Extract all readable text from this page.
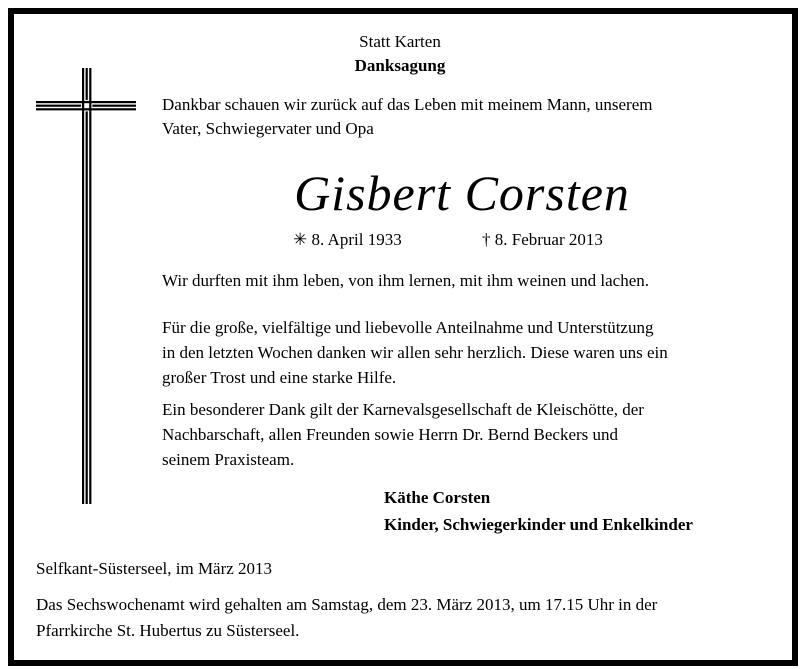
Statt Karten
Danksagung
Dankbar schauen wir zurück auf das Leben mit meinem Mann, unserem
Vater, Schwiegervater und Opa
Gisbert Corsten
✳ 8. April 1933	† 8. Februar 2013
Wir durften mit ihm leben, von ihm lernen, mit ihm weinen und lachen.
Für die große, vielfältige und liebevolle Anteilnahme und Unterstützung
in den letzten Wochen danken wir allen sehr herzlich. Diese waren uns ein
großer Trost und eine starke Hilfe.
Ein besonderer Dank gilt der Karnevalsgesellschaft de Kleischötte, der
Nachbarschaft, allen Freunden sowie Herrn Dr. Bernd Beckers und
seinem Praxisteam.
Käthe Corsten
Kinder, Schwiegerkinder und Enkelkinder
Selfkant-Süsterseel, im März 2013
Das Sechswochenamt wird gehalten am Samstag, dem 23. März 2013, um 17.15 Uhr in der
Pfarrkirche St. Hubertus zu Süsterseel.
